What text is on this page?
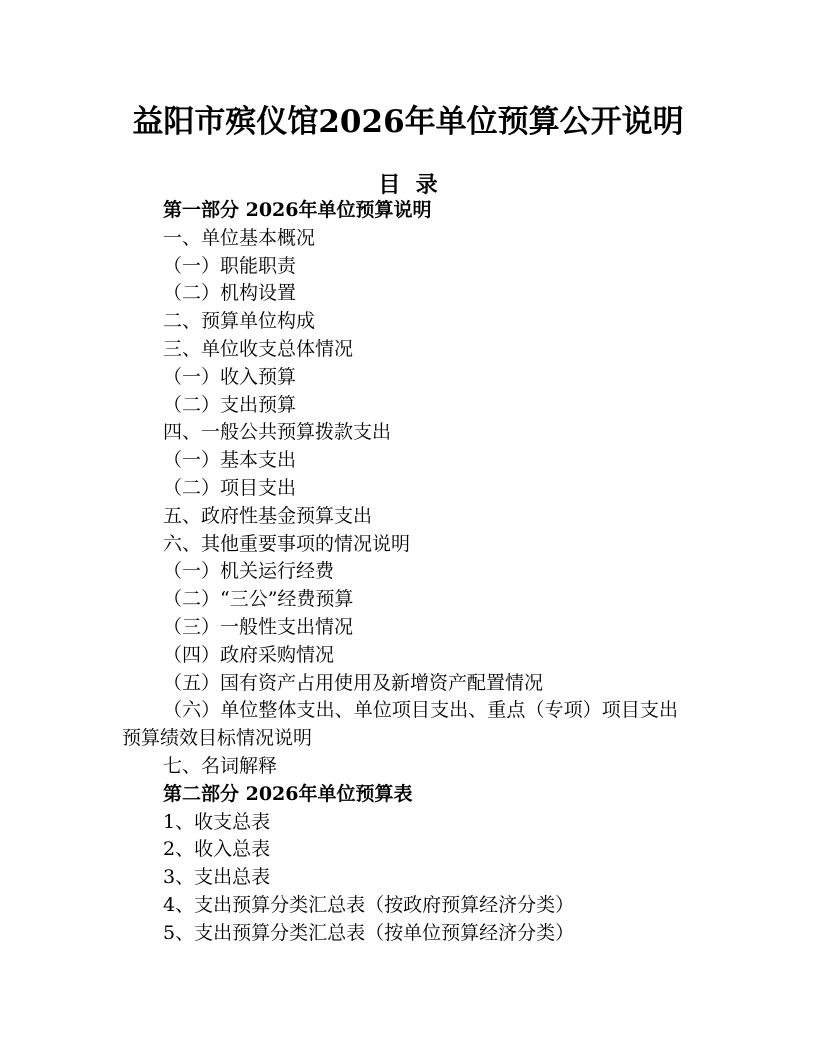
益阳市殡仪馆2026年单位预算公开说明
目  录
第一部分 2026年单位预算说明
一、单位基本概况
（一）职能职责
（二）机构设置
二、预算单位构成
三、单位收支总体情况
（一）收入预算
（二）支出预算
四、一般公共预算拨款支出
（一）基本支出
（二）项目支出
五、政府性基金预算支出
六、其他重要事项的情况说明
（一）机关运行经费
（二）“三公”经费预算
（三）一般性支出情况
（四）政府采购情况
（五）国有资产占用使用及新增资产配置情况
（六）单位整体支出、单位项目支出、重点（专项）项目支出预算绩效目标情况说明
七、名词解释
第二部分 2026年单位预算表
1、收支总表
2、收入总表
3、支出总表
4、支出预算分类汇总表（按政府预算经济分类）
5、支出预算分类汇总表（按单位预算经济分类）
